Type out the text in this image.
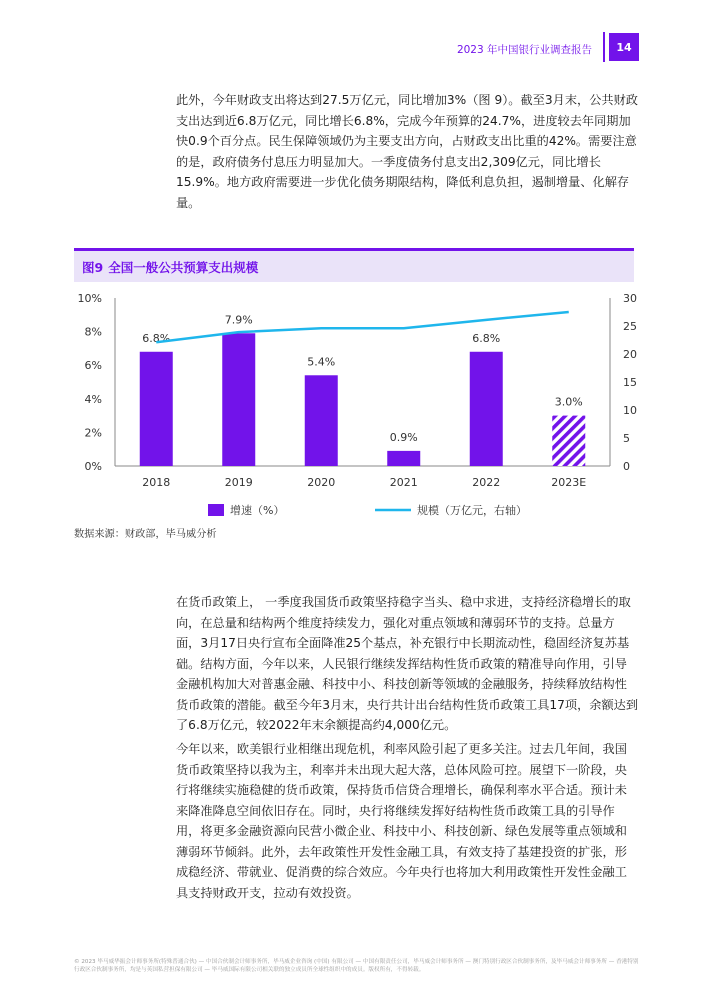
2023 年中国银行业调查报告	14

此外，今年财政支出将达到27.5万亿元，同比增加3%（图 9）。截至3月末，公共财政支出达到近6.8万亿元，同比增长6.8%，完成今年预算的24.7%，进度较去年同期加快0.9个百分点。民生保障领域仍为主要支出方向，占财政支出比重的42%。需要注意的是，政府债务付息压力明显加大。一季度债务付息支出2,309亿元，同比增长15.9%。地方政府需要进一步优化债务期限结构，降低利息负担，遏制增量、化解存量。

图9 全国一般公共预算支出规模
0%
2%
4%
6%
8%
10%
0
5
10
15
20
25
30
2018	2019	2020	2021	2022	2023E
6.8%
7.9%
5.4%
0.9%
6.8%
3.0%
增速（%）	规模（万亿元，右轴）
数据来源：财政部，毕马威分析

在货币政策上， 一季度我国货币政策坚持稳字当头、稳中求进，支持经济稳增长的取向，在总量和结构两个维度持续发力，强化对重点领域和薄弱环节的支持。总量方面，3月17日央行宣布全面降准25个基点，补充银行中长期流动性，稳固经济复苏基础。结构方面，今年以来，人民银行继续发挥结构性货币政策的精准导向作用，引导金融机构加大对普惠金融、科技中小、科技创新等领域的金融服务，持续释放结构性货币政策的潜能。截至今年3月末，央行共计出台结构性货币政策工具17项，余额达到了6.8万亿元，较2022年末余额提高约4,000亿元。

今年以来，欧美银行业相继出现危机，利率风险引起了更多关注。过去几年间，我国货币政策坚持以我为主，利率并未出现大起大落，总体风险可控。展望下一阶段，央行将继续实施稳健的货币政策，保持货币信贷合理增长，确保利率水平合适。预计未来降准降息空间依旧存在。同时，央行将继续发挥好结构性货币政策工具的引导作用，将更多金融资源向民营小微企业、科技中小、科技创新、绿色发展等重点领域和薄弱环节倾斜。此外，去年政策性开发性金融工具，有效支持了基建投资的扩张，形成稳经济、带就业、促消费的综合效应。今年央行也将加大利用政策性开发性金融工具支持财政开支，拉动有效投资。

© 2023 毕马威华振会计师事务所(特殊普通合伙) — 中国合伙制会计师事务所，毕马威企业咨询 (中国) 有限公司 — 中国有限责任公司，毕马威会计师事务所 — 澳门特别行政区合伙制事务所，及毕马威会计师事务所 — 香港特别行政区合伙制事务所，均是与英国私营担保有限公司 — 毕马威国际有限公司相关联的独立成员所全球性组织中的成员。版权所有，不得转载。
